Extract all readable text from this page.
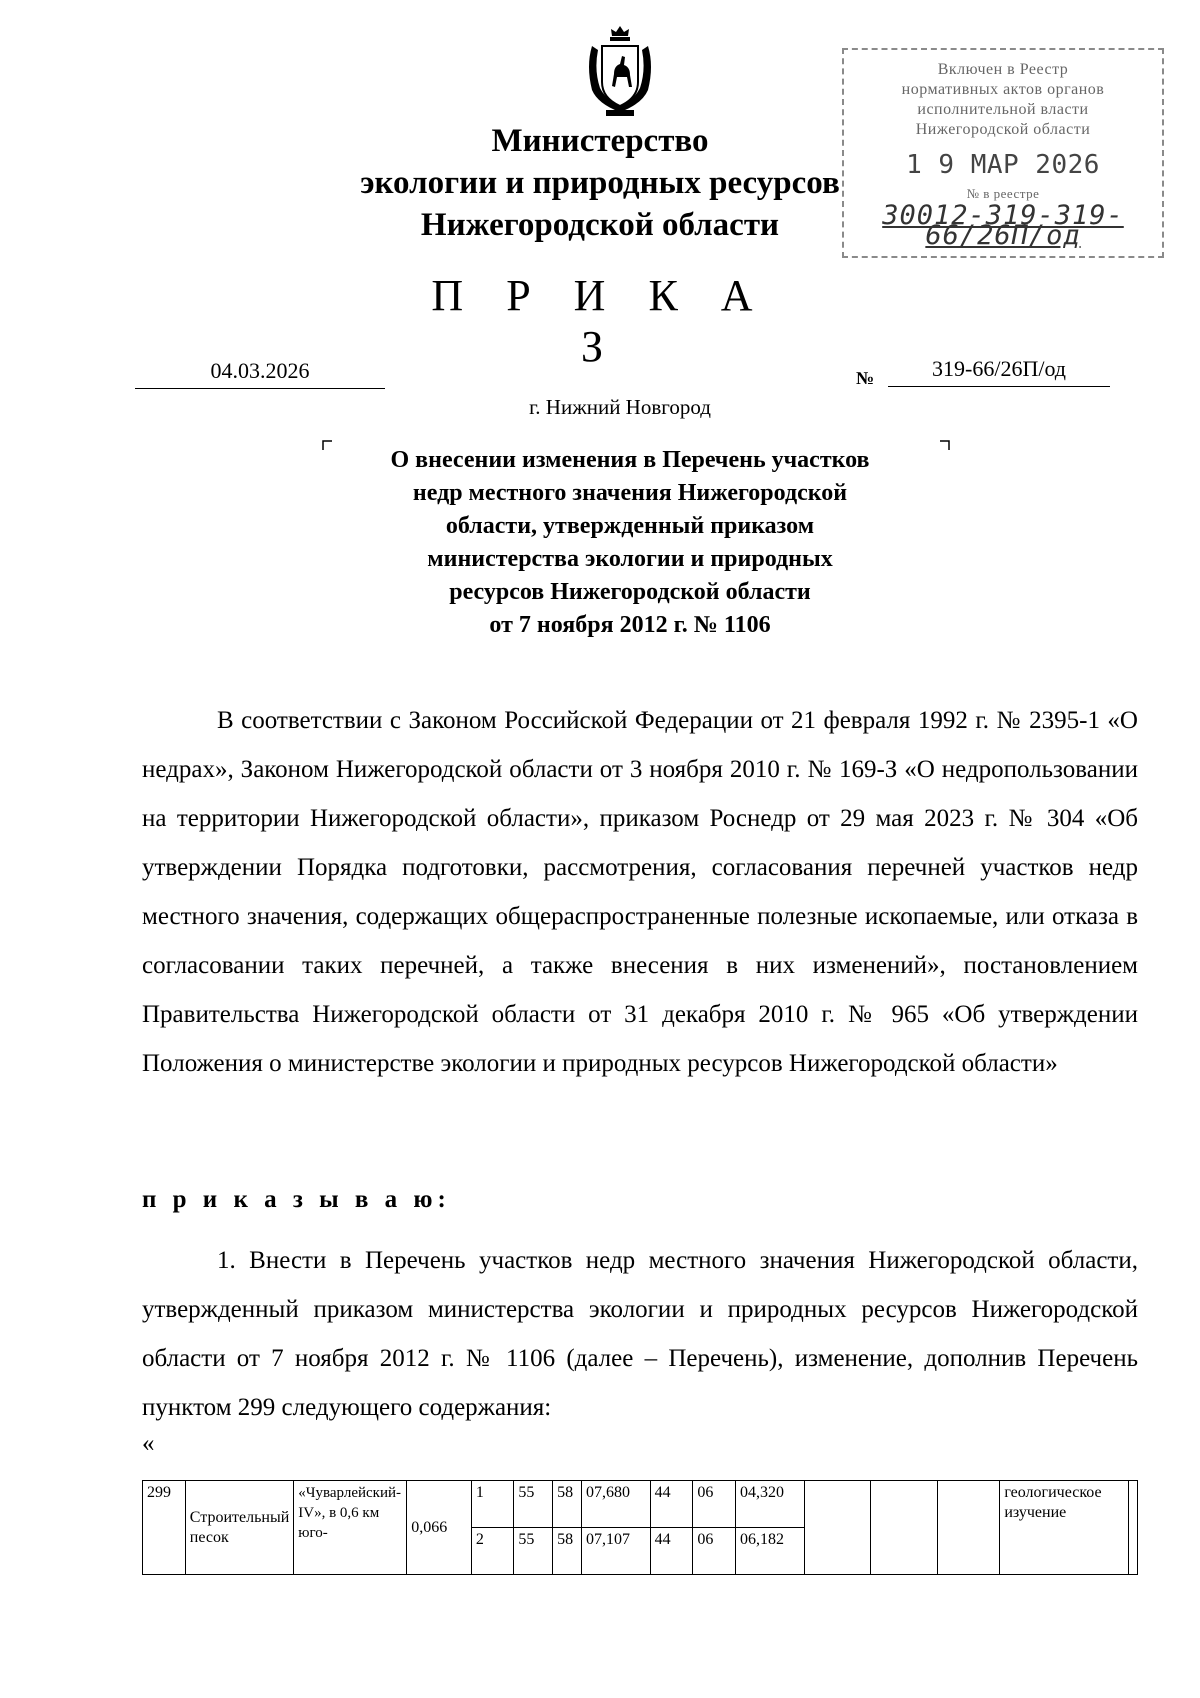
Министерство
экологии и природных ресурсов
Нижегородской области
Включен в Реестр
нормативных актов органов
исполнительной власти
Нижегородской области
1 9 МАР 2026
№ в реестре
30012-319-319-66/26П/од
П Р И К А З
04.03.2026	№	319-66/26П/од
г. Нижний Новгород
О внесении изменения в Перечень участков
недр местного значения Нижегородской
области, утвержденный приказом
министерства экологии и природных
ресурсов Нижегородской области
от 7 ноября 2012 г. № 1106
В соответствии с Законом Российской Федерации от 21 февраля 1992 г. № 2395-1 «О недрах», Законом Нижегородской области от 3 ноября 2010 г. № 169-З «О недропользовании на территории Нижегородской области», приказом Роснедр от 29 мая 2023 г. № 304 «Об утверждении Порядка подготовки, рассмотрения, согласования перечней участков недр местного значения, содержащих общераспространенные полезные ископаемые, или отказа в согласовании таких перечней, а также внесения в них изменений», постановлением Правительства Нижегородской области от 31 декабря 2010 г. № 965 «Об утверждении Положения о министерстве экологии и природных ресурсов Нижегородской области»
п р и к а з ы в а ю:
1. Внести в Перечень участков недр местного значения Нижегородской области, утвержденный приказом министерства экологии и природных ресурсов Нижегородской области от 7 ноября 2012 г. № 1106 (далее – Перечень), изменение, дополнив Перечень пунктом 299 следующего содержания:
«
299	Строительный песок	«Чуварлейский-IV», в 0,6 км юго-	0,066	1	55	58	07,680	44	06	04,320				геологическое изучение	
				2	55	58	07,107	44	06	06,182					
